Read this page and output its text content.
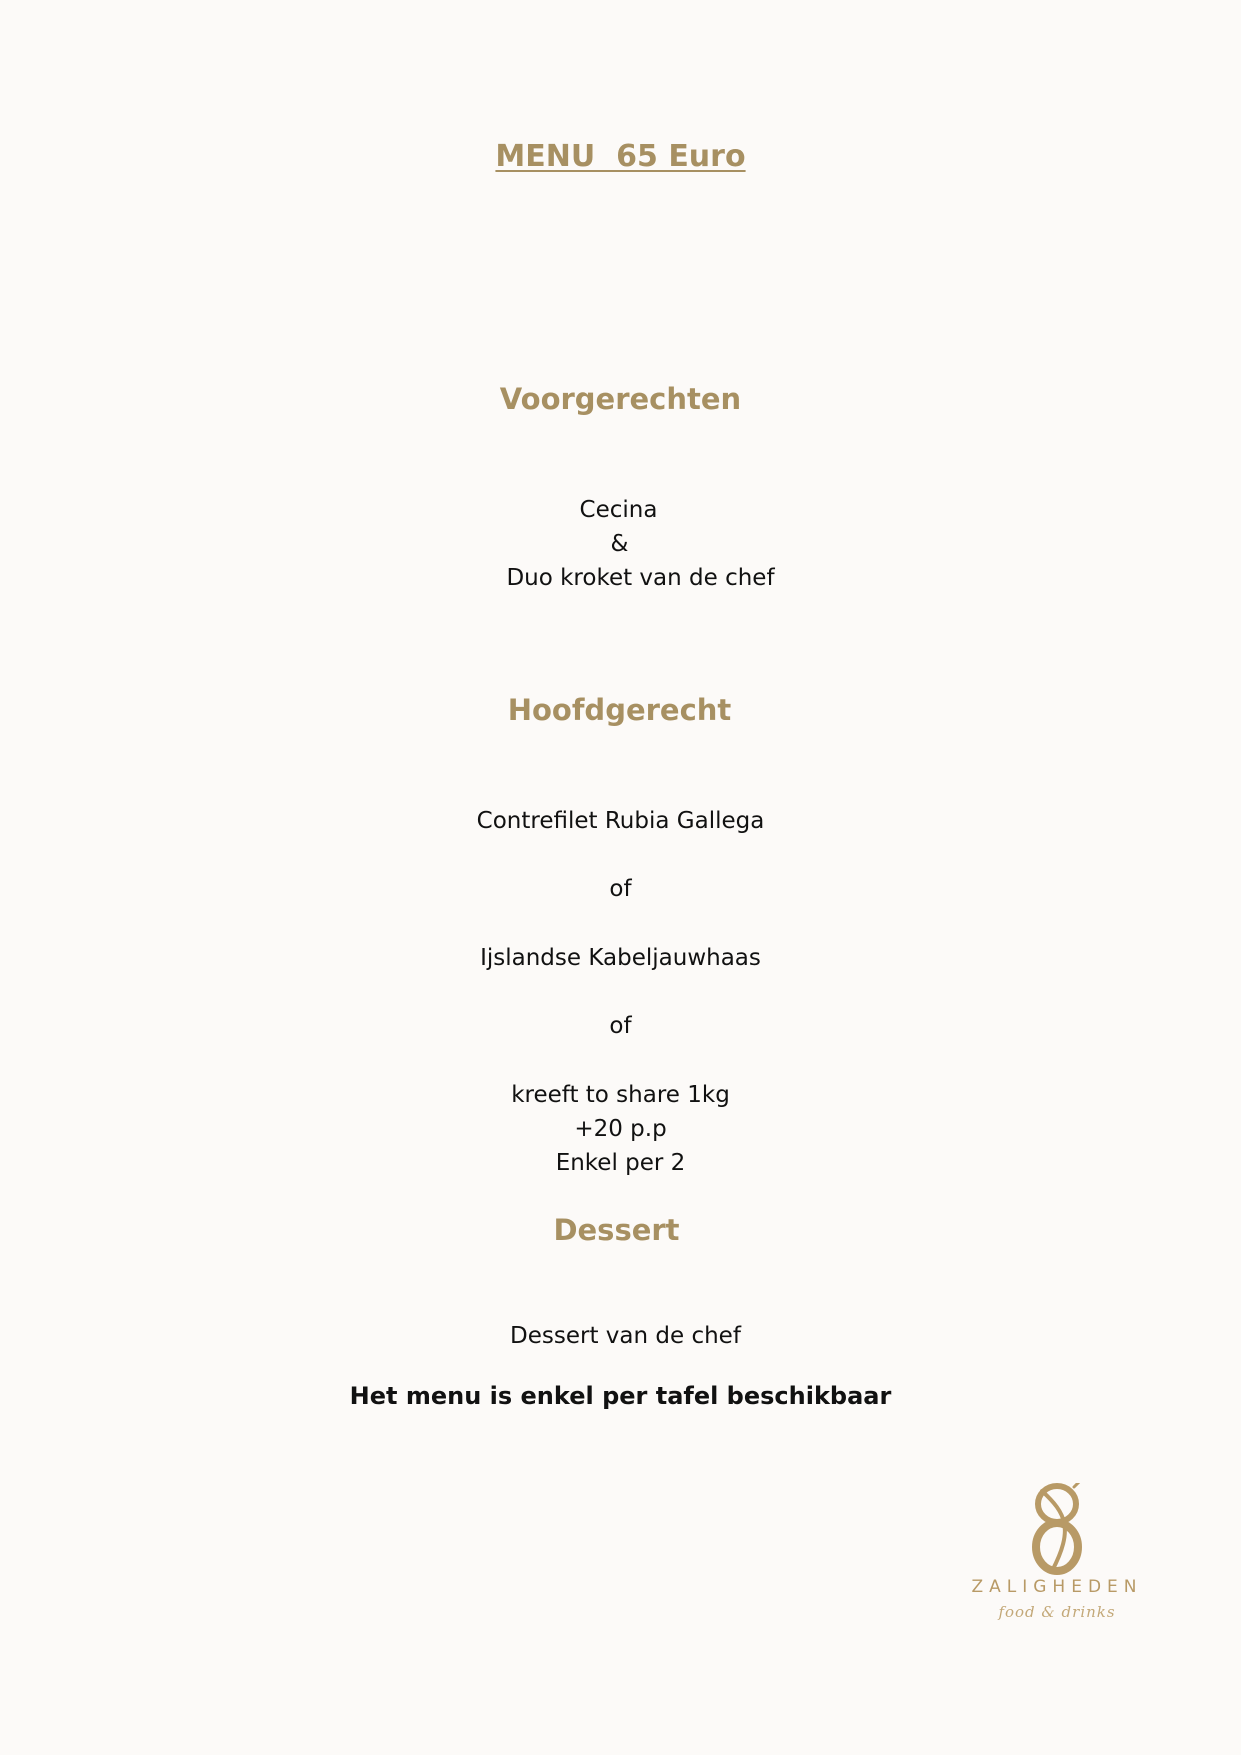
MENU  65 Euro
Voorgerechten
Cecina
&
Duo kroket van de chef
Hoofdgerecht
Contrefilet Rubia Gallega
of
Ijslandse Kabeljauwhaas
of
kreeft to share 1kg
+20 p.p
Enkel per 2
Dessert
Dessert van de chef
Het menu is enkel per tafel beschikbaar
ZALIGHEDEN
food & drinks
